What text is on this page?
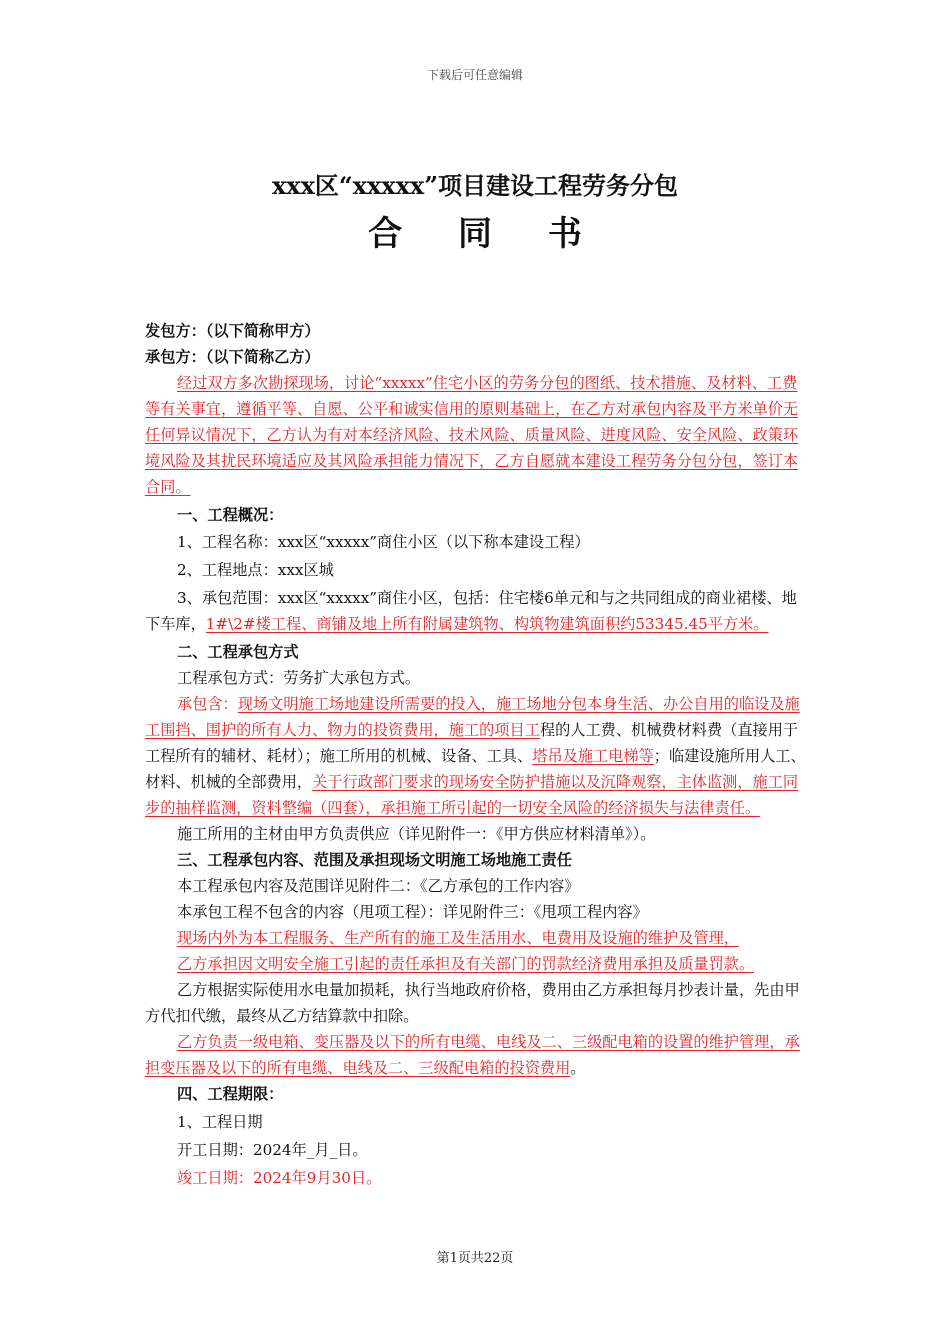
下载后可任意编辑
xxx区“xxxxx”项目建设工程劳务分包
合 同 书

发包方：（以下简称甲方）

承包方：（以下简称乙方）

经过双方多次勘探现场，讨论“xxxxx”住宅小区的劳务分包的图纸、技术措施、及材料、工费等有关事宜，遵循平等、自愿、公平和诚实信用的原则基础上，在乙方对承包内容及平方米单价无任何异议情况下，乙方认为有对本经济风险、技术风险、质量风险、进度风险、安全风险、政策环境风险及其扰民环境适应及其风险承担能力情况下，乙方自愿就本建设工程劳务分包分包，签订本合同。

一、工程概况：

1、工程名称：xxx区“xxxxx”商住小区（以下称本建设工程）

2、工程地点：xxx区城

3、承包范围：xxx区“xxxxx”商住小区，包括：住宅楼6单元和与之共同组成的商业裙楼、地下车库，1#\2#楼工程、商铺及地上所有附属建筑物、构筑物建筑面积约53345.45平方米。

二、工程承包方式

工程承包方式：劳务扩大承包方式。

承包含：现场文明施工场地建设所需要的投入，施工场地分包本身生活、办公自用的临设及施工围挡、围护的所有人力、物力的投资费用，施工的项目工程的人工费、机械费材料费（直接用于工程所有的辅材、耗材）；施工所用的机械、设备、工具、塔吊及施工电梯等；临建设施所用人工、材料、机械的全部费用，关于行政部门要求的现场安全防护措施以及沉降观察，主体监测，施工同步的抽样监测，资料整编（四套），承担施工所引起的一切安全风险的经济损失与法律责任。

施工所用的主材由甲方负责供应（详见附件一：《甲方供应材料清单》）。

三、工程承包内容、范围及承担现场文明施工场地施工责任

本工程承包内容及范围详见附件二：《乙方承包的工作内容》

本承包工程不包含的内容（甩项工程）：详见附件三：《甩项工程内容》

现场内外为本工程服务、生产所有的施工及生活用水、电费用及设施的维护及管理，

乙方承担因文明安全施工引起的责任承担及有关部门的罚款经济费用承担及质量罚款。

乙方根据实际使用水电量加损耗，执行当地政府价格，费用由乙方承担每月抄表计量，先由甲方代扣代缴，最终从乙方结算款中扣除。

乙方负责一级电箱、变压器及以下的所有电缆、电线及二、三级配电箱的设置的维护管理，承担变压器及以下的所有电缆、电线及二、三级配电箱的投资费用。

四、工程期限：

1、工程日期

开工日期：2024年_月_日。

竣工日期：2024年9月30日。

第1页共22页
